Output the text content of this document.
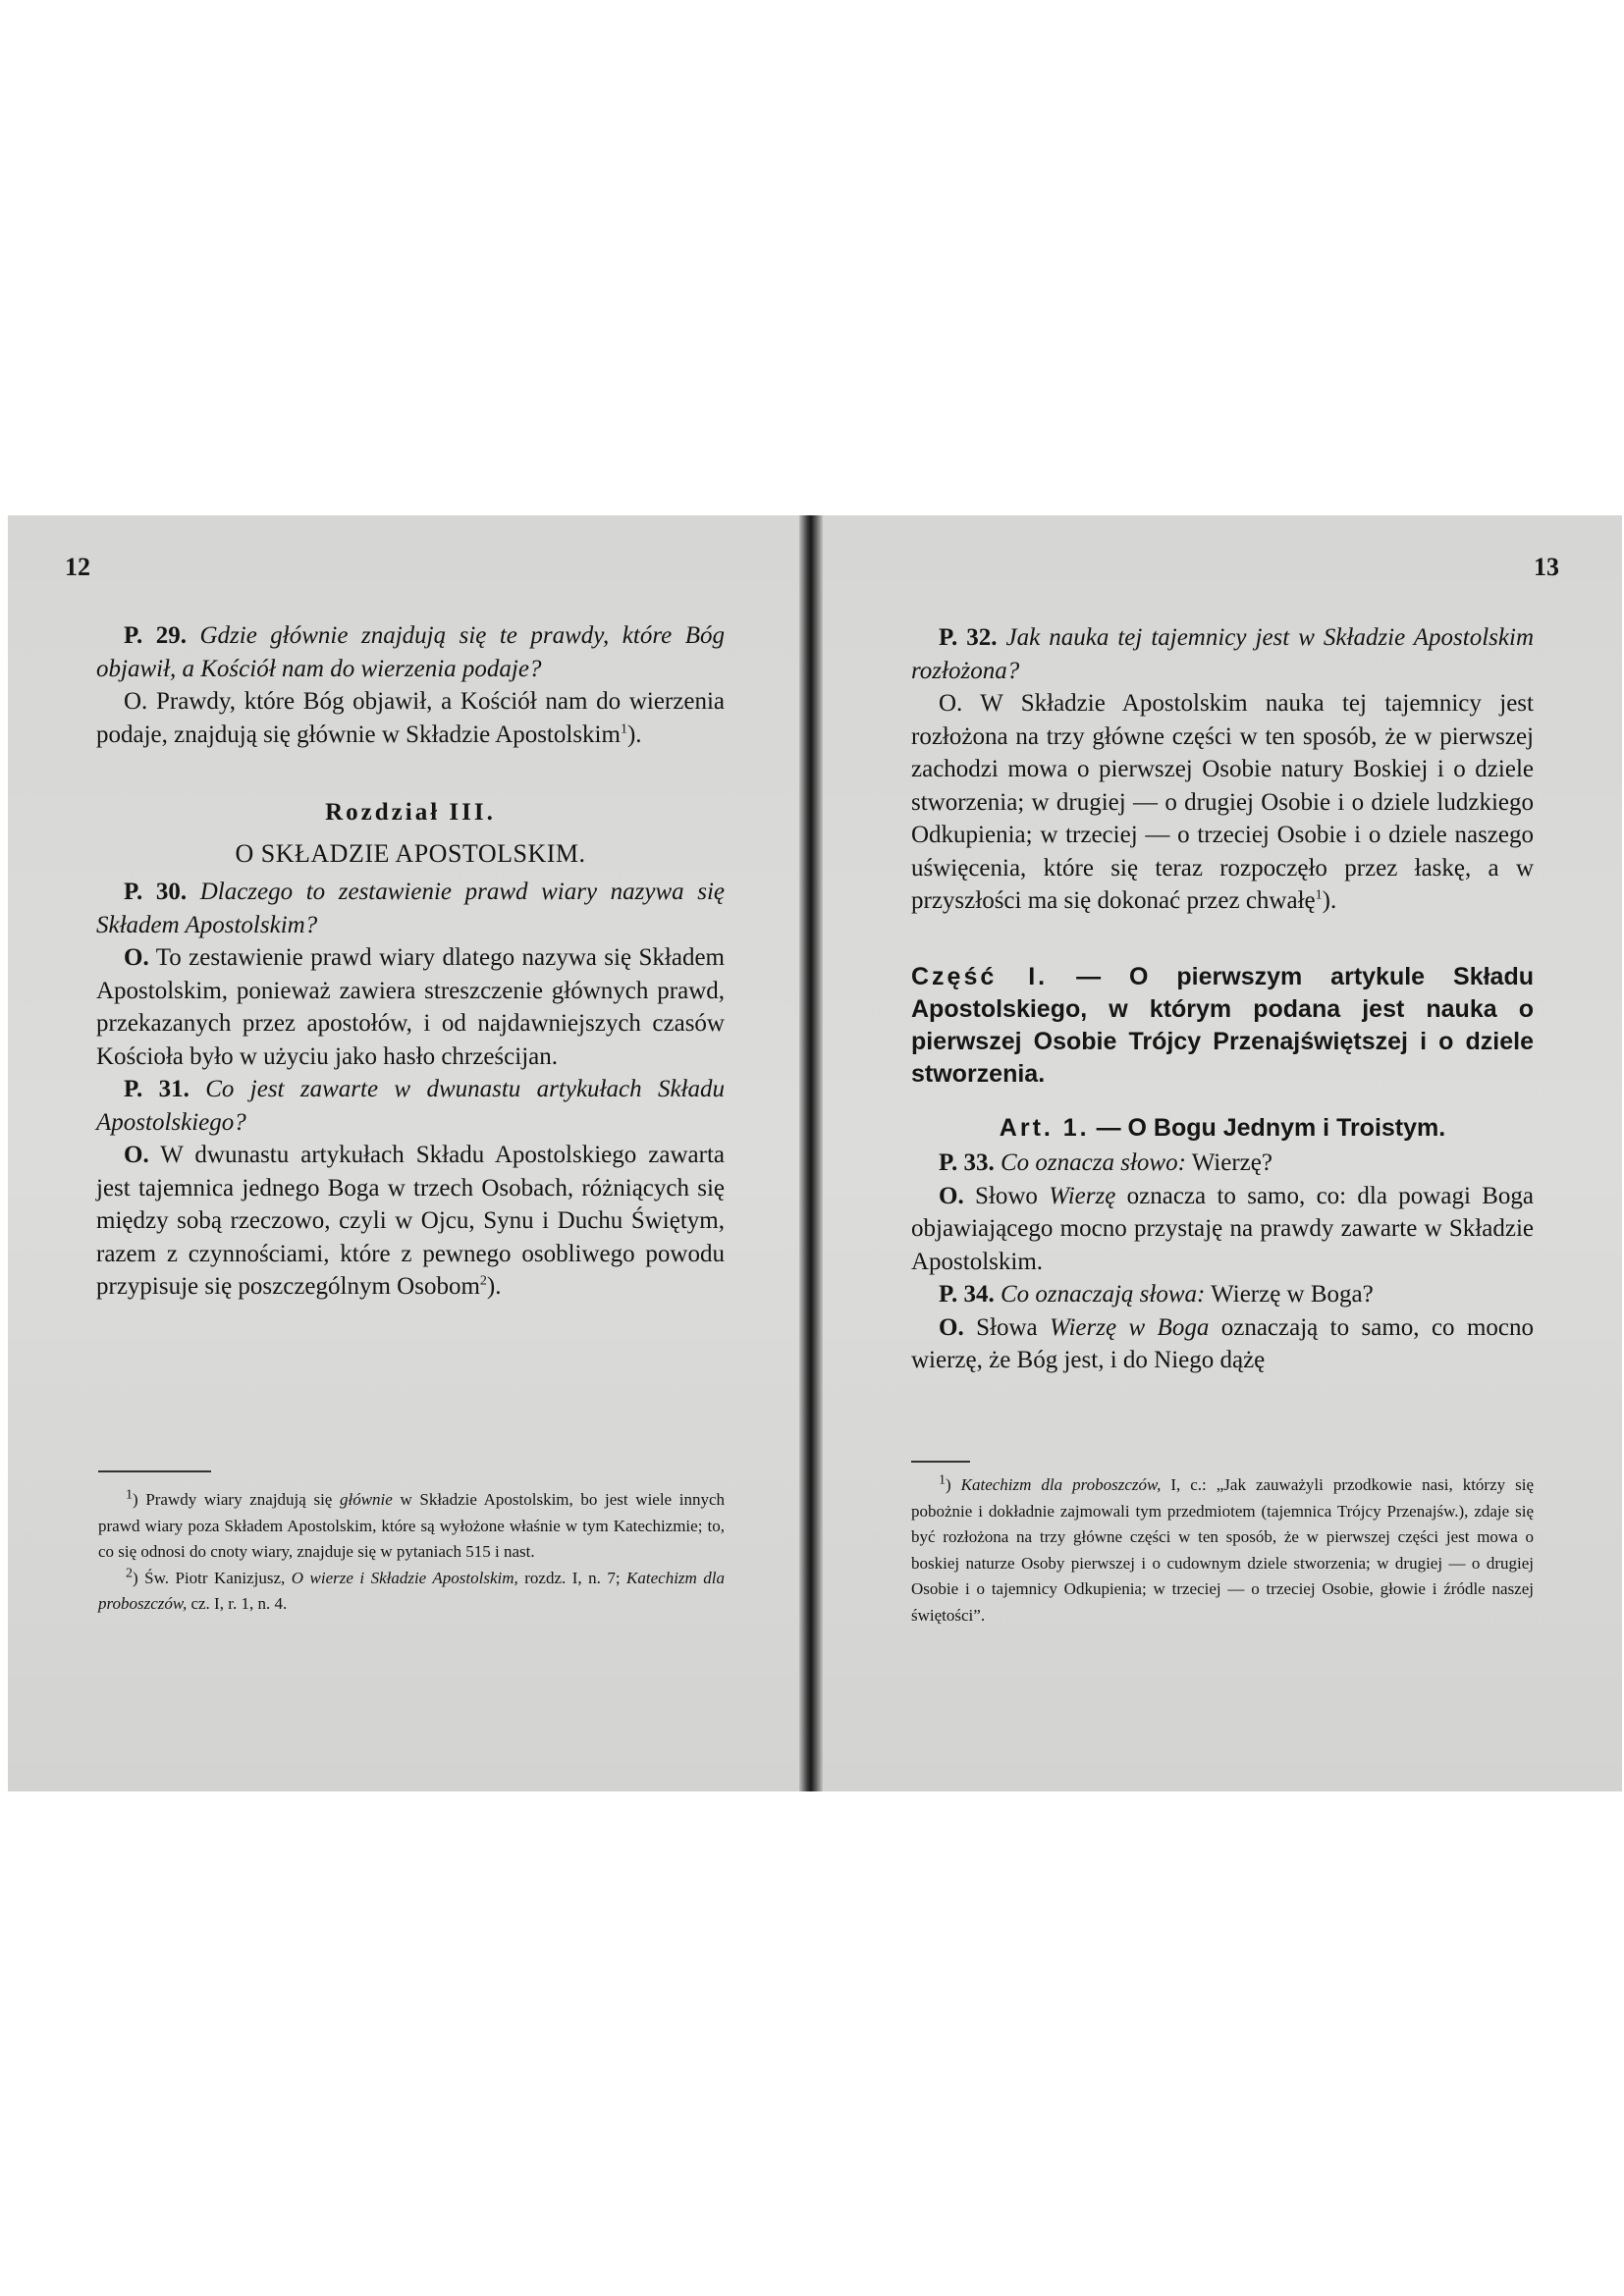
12

P. 29. Gdzie głównie znajdują się te prawdy, które Bóg objawił, a Kościół nam do wierzenia podaje?

O. Prawdy, które Bóg objawił, a Kościół nam do wierzenia podaje, znajdują się głównie w Składzie Apostolskim$^1$).

Rozdział III.

O SKŁADZIE APOSTOLSKIM.

P. 30. Dlaczego to zestawienie prawd wiary nazywa się Składem Apostolskim?

O. To zestawienie prawd wiary dlatego nazywa się Składem Apostolskim, ponieważ zawiera streszczenie głównych prawd, przekazanych przez apostołów, i od najdawniejszych czasów Kościoła było w użyciu jako hasło chrześcijan.

P. 31. Co jest zawarte w dwunastu artykułach Składu Apostolskiego?

O. W dwunastu artykułach Składu Apostolskiego zawarta jest tajemnica jednego Boga w trzech Osobach, różniących się między sobą rzeczowo, czyli w Ojcu, Synu i Duchu Świętym, razem z czynnościami, które z pewnego osobliwego powodu przypisuje się poszczególnym Osobom$^2$).

$^1$) Prawdy wiary znajdują się głównie w Składzie Apostolskim, bo jest wiele innych prawd wiary poza Składem Apostolskim, które są wyłożone właśnie w tym Katechizmie; to, co się odnosi do cnoty wiary, znajduje się w pytaniach 515 i nast.

$^2$) Św. Piotr Kanizjusz, O wierze i Składzie Apostolskim, rozdz. I, n. 7; Katechizm dla proboszczów, cz. I, r. 1, n. 4.

13

P. 32. Jak nauka tej tajemnicy jest w Składzie Apostolskim rozłożona?

O. W Składzie Apostolskim nauka tej tajemnicy jest rozłożona na trzy główne części w ten sposób, że w pierwszej zachodzi mowa o pierwszej Osobie natury Boskiej i o dziele stworzenia; w drugiej — o drugiej Osobie i o dziele ludzkiego Odkupienia; w trzeciej — o trzeciej Osobie i o dziele naszego uświęcenia, które się teraz rozpoczęło przez łaskę, a w przyszłości ma się dokonać przez chwałę$^1$).

Część I. — O pierwszym artykule Składu Apostolskiego, w którym podana jest nauka o pierwszej Osobie Trójcy Przenajświętszej i o dziele stworzenia.

Art. 1. — O Bogu Jednym i Troistym.

P. 33. Co oznacza słowo: Wierzę?

O. Słowo Wierzę oznacza to samo, co: dla powagi Boga objawiającego mocno przystaję na prawdy zawarte w Składzie Apostolskim.

P. 34. Co oznaczają słowa: Wierzę w Boga?

O. Słowa Wierzę w Boga oznaczają to samo, co mocno wierzę, że Bóg jest, i do Niego dążę

$^1$) Katechizm dla proboszczów, I, c.: „Jak zauważyli przodkowie nasi, którzy się pobożnie i dokładnie zajmowali tym przedmiotem (tajemnica Trójcy Przenajśw.), zdaje się być rozłożona na trzy główne części w ten sposób, że w pierwszej części jest mowa o boskiej naturze Osoby pierwszej i o cudownym dziele stworzenia; w drugiej — o drugiej Osobie i o tajemnicy Odkupienia; w trzeciej — o trzeciej Osobie, głowie i źródle naszej świętości”.
